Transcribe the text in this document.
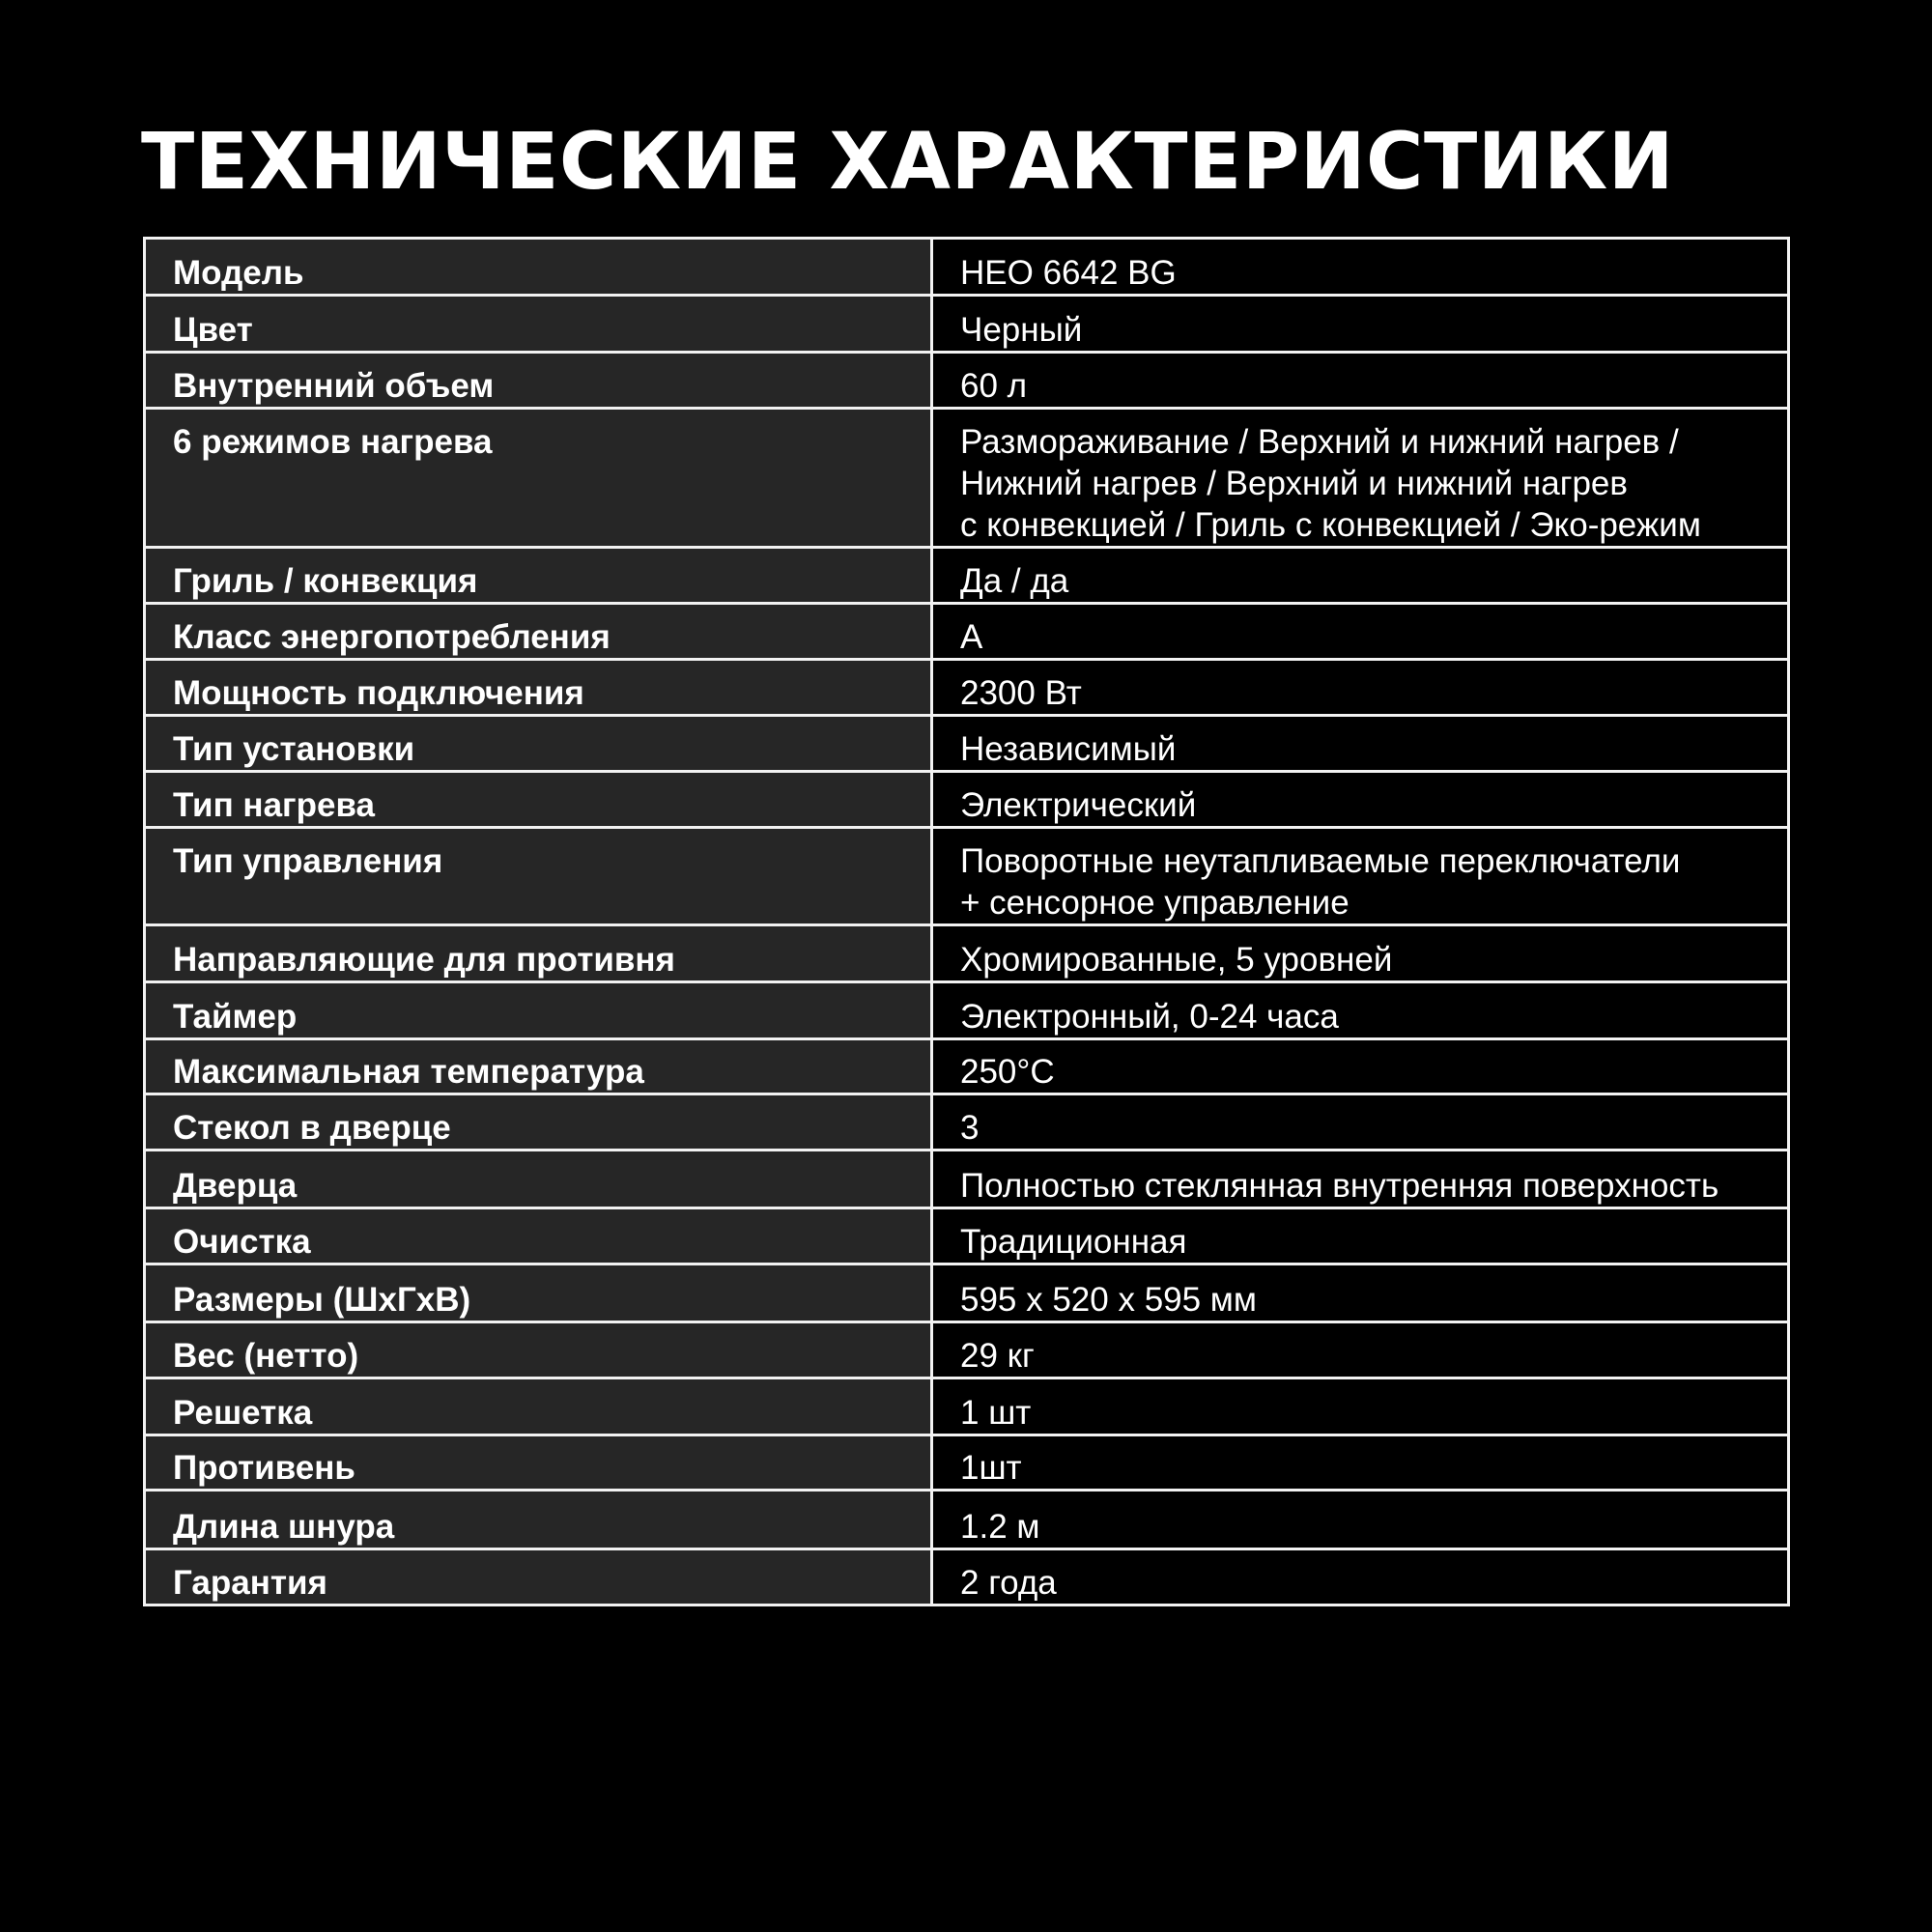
ТЕХНИЧЕСКИЕ ХАРАКТЕРИСТИКИ
Модель	HEO 6642 BG

Цвет	Черный

Внутренний объем	60 л

6 режимов нагрева	Размораживание / Верхний и нижний нагрев /
Нижний нагрев / Верхний и нижний нагрев
с конвекцией / Гриль с конвекцией / Эко-режим

Гриль / конвекция	Да / да

Класс энергопотребления	А

Мощность подключения	2300 Вт

Тип установки	Независимый

Тип нагрева	Электрический

Тип управления	Поворотные неутапливаемые переключатели
+ сенсорное управление

Направляющие для противня	Хромированные, 5 уровней

Таймер	Электронный, 0-24 часа

Максимальная температура	250°С

Стекол в дверце	3

Дверца	Полностью стеклянная внутренняя поверхность

Очистка	Традиционная

Размеры (ШхГхВ)	595 х 520 х 595 мм

Вес (нетто)	29 кг

Решетка	1 шт

Противень	1шт

Длина шнура	1.2 м

Гарантия	2 года
